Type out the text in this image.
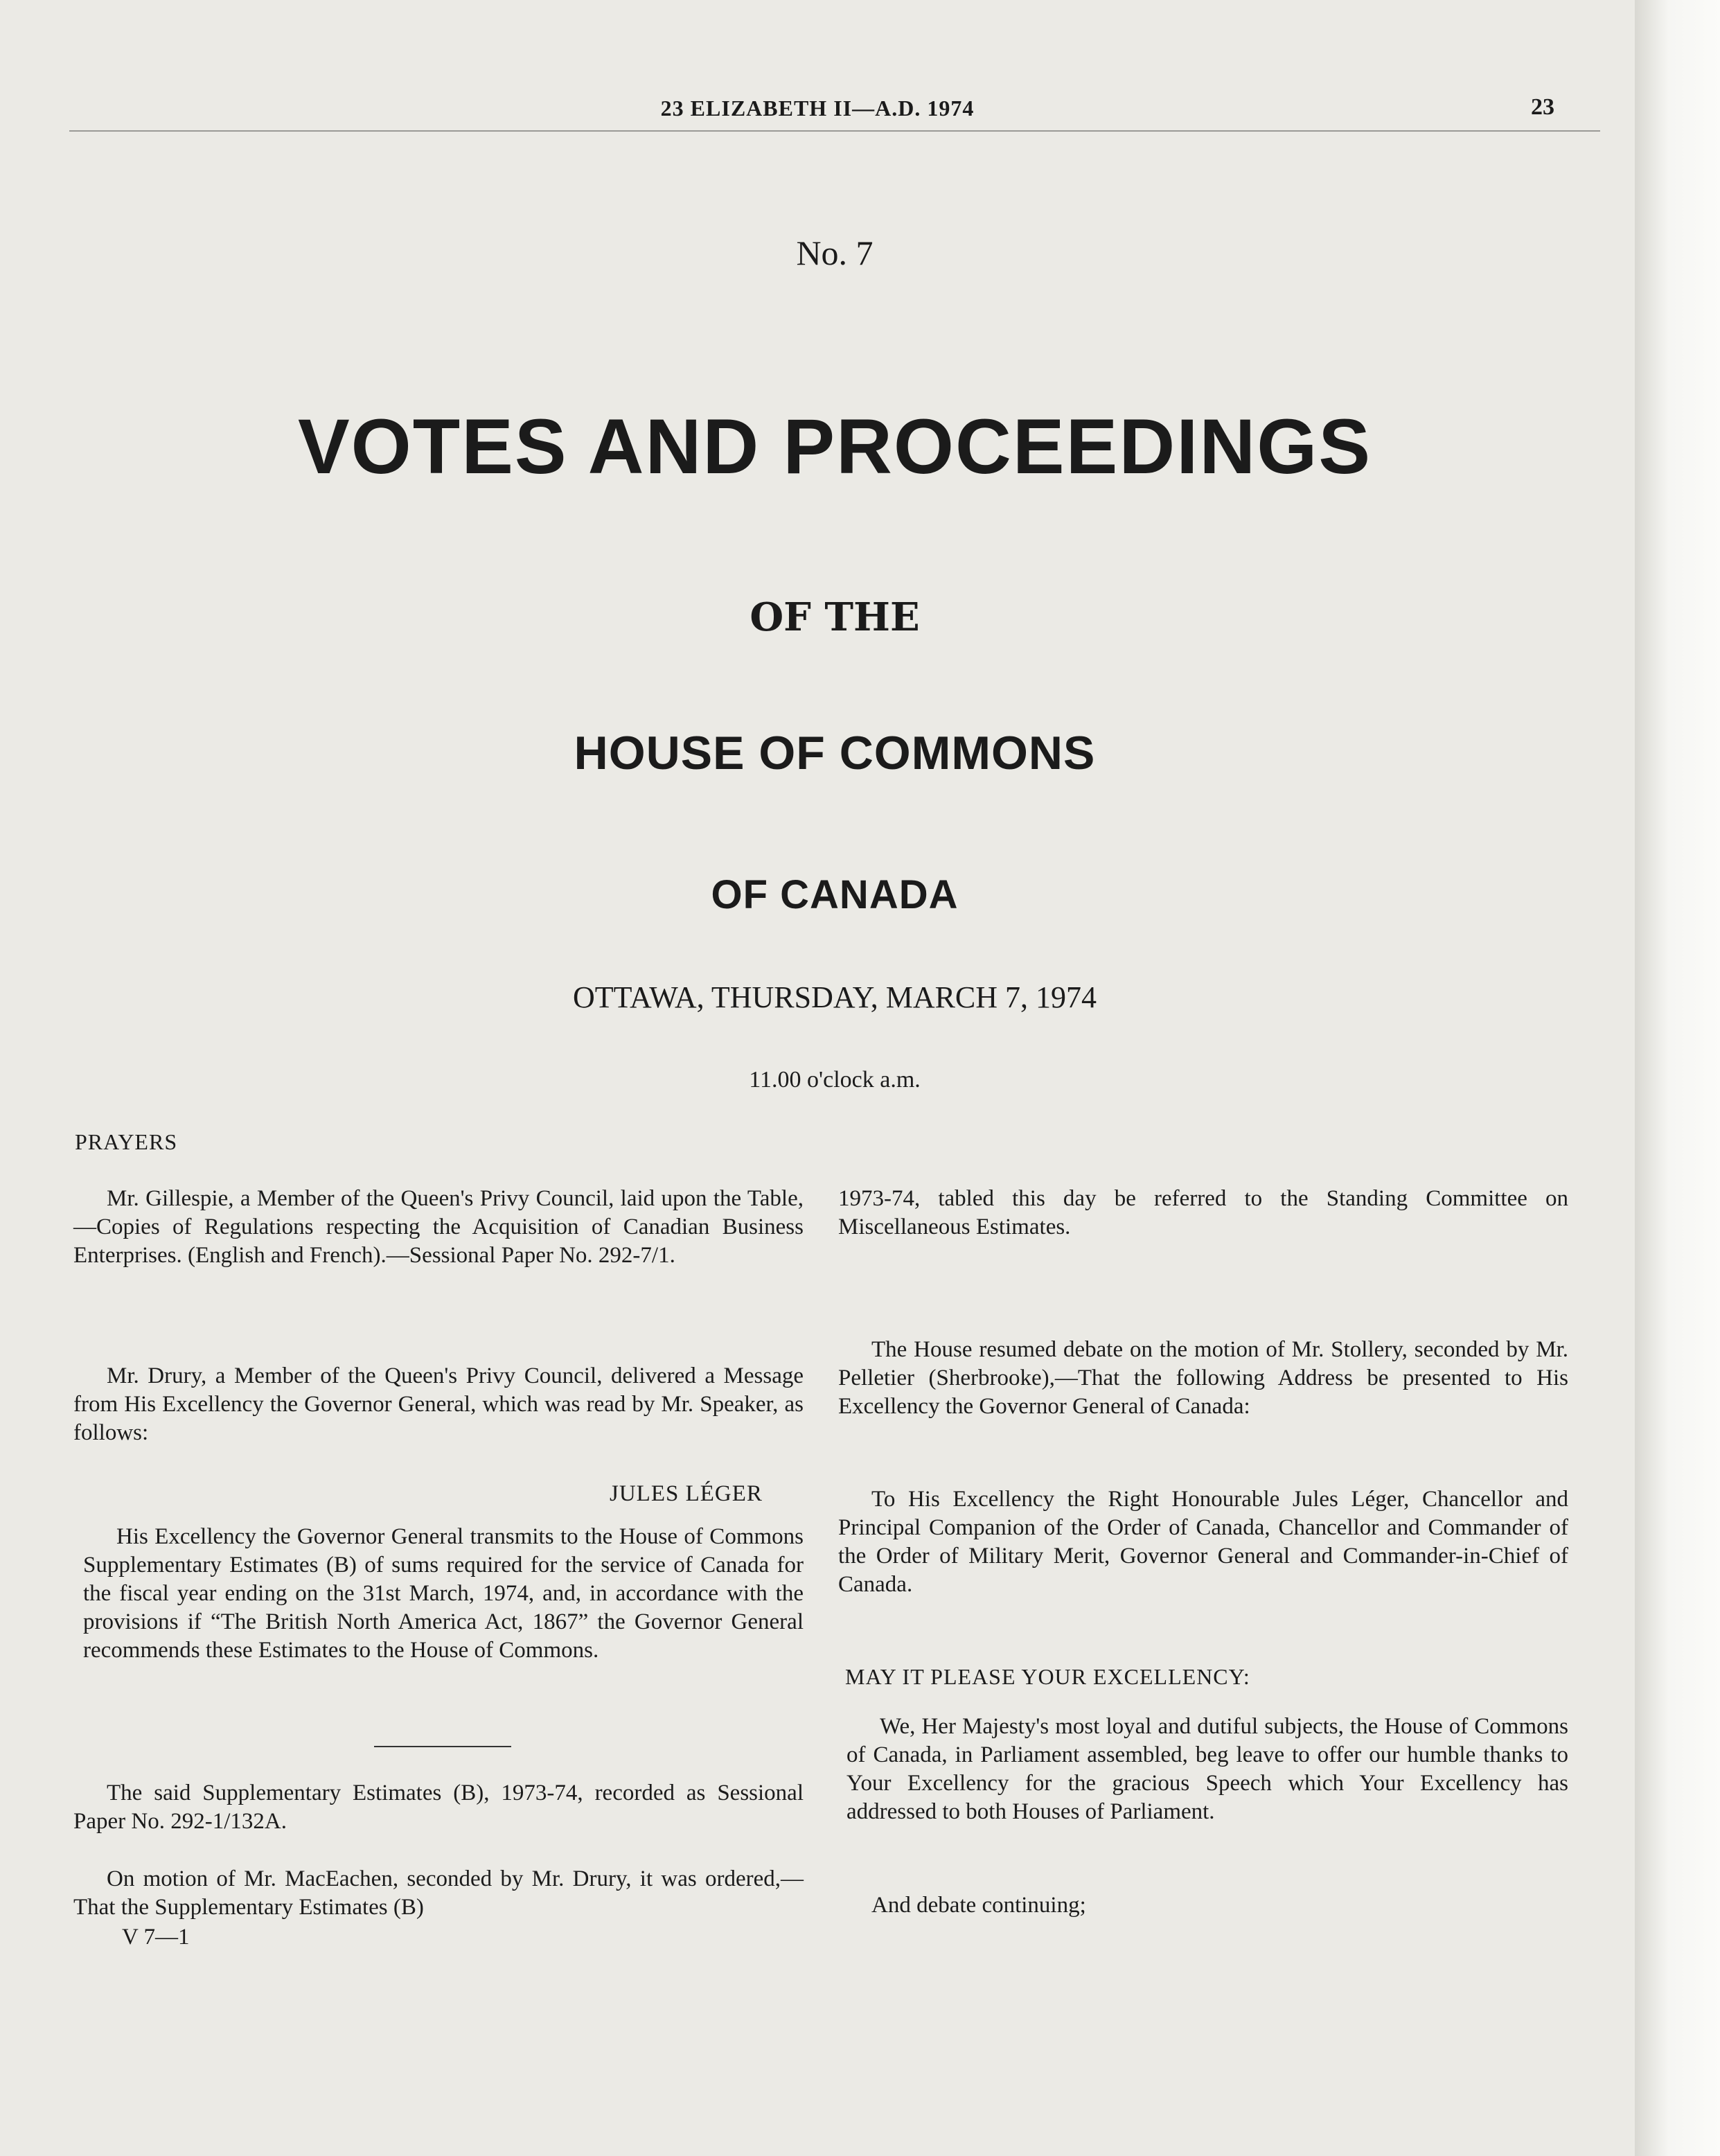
23 ELIZABETH II—A.D. 1974	23
No. 7
VOTES AND PROCEEDINGS
OF THE
HOUSE OF COMMONS
OF CANADA
OTTAWA, THURSDAY, MARCH 7, 1974
11.00 o'clock a.m.
PRAYERS

Mr. Gillespie, a Member of the Queen's Privy Council, laid upon the Table,—Copies of Regulations respecting the Acquisition of Canadian Business Enterprises. (English and French).—Sessional Paper No. 292-7/1.

Mr. Drury, a Member of the Queen's Privy Council, delivered a Message from His Excellency the Governor General, which was read by Mr. Speaker, as follows:

JULES LÉGER

His Excellency the Governor General transmits to the House of Commons Supplementary Estimates (B) of sums required for the service of Canada for the fiscal year ending on the 31st March, 1974, and, in accordance with the provisions if “The British North America Act, 1867” the Governor General recommends these Estimates to the House of Commons.

The said Supplementary Estimates (B), 1973-74, recorded as Sessional Paper No. 292-1/132A.

On motion of Mr. MacEachen, seconded by Mr. Drury, it was ordered,—That the Supplementary Estimates (B)

V 7—1

1973-74, tabled this day be referred to the Standing Committee on Miscellaneous Estimates.

The House resumed debate on the motion of Mr. Stollery, seconded by Mr. Pelletier (Sherbrooke),—That the following Address be presented to His Excellency the Governor General of Canada:

To His Excellency the Right Honourable Jules Léger, Chancellor and Principal Companion of the Order of Canada, Chancellor and Commander of the Order of Military Merit, Governor General and Commander-in-Chief of Canada.

MAY IT PLEASE YOUR EXCELLENCY:

We, Her Majesty's most loyal and dutiful subjects, the House of Commons of Canada, in Parliament assembled, beg leave to offer our humble thanks to Your Excellency for the gracious Speech which Your Excellency has addressed to both Houses of Parliament.

And debate continuing;
